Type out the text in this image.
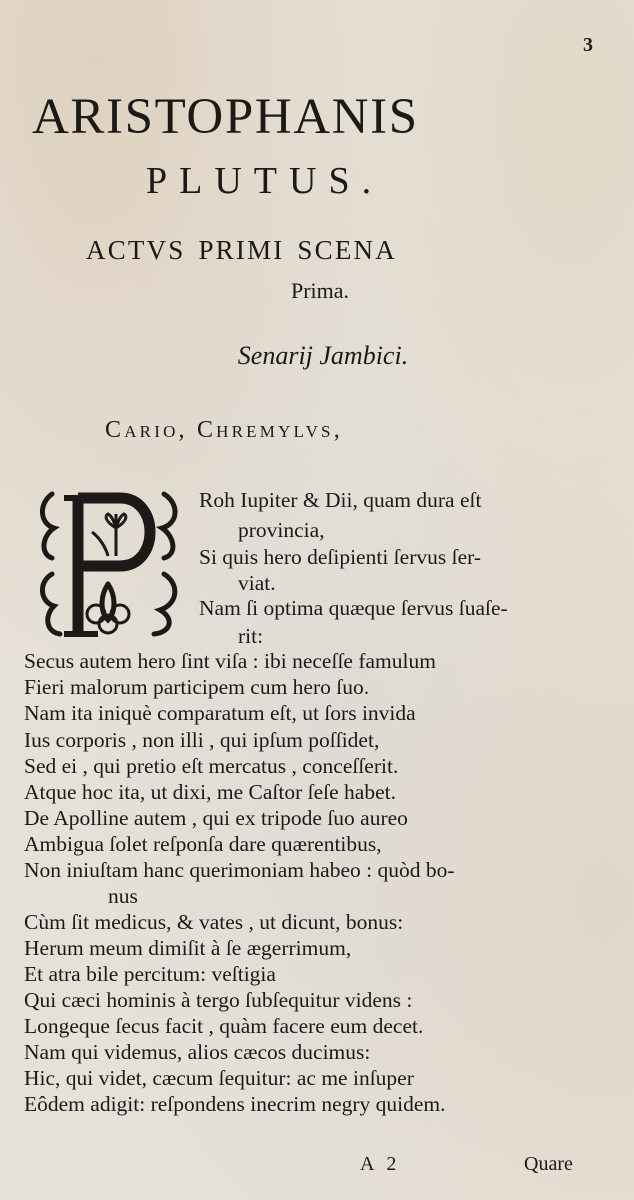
3
ARISTOPHANIS
PLUTUS.
ACTVS PRIMI SCENA
Prima.
Senarij Jambici.
Cario, Chremylvs,
Roh Iupiter & Dii, quam dura eſt
provincia,
Si quis hero deſipienti ſervus ſer-
viat.
Nam ſi optima quæque ſervus ſuaſe-
rit:
Secus autem hero ſint viſa : ibi neceſſe famulum
Fieri malorum participem cum hero ſuo.
Nam ita iniquè comparatum eſt, ut ſors invida
Ius corporis , non illi , qui ipſum poſſidet,
Sed ei , qui pretio eſt mercatus , conceſſerit.
Atque hoc ita, ut dixi, me Caſtor ſeſe habet.
De Apolline autem , qui ex tripode ſuo aureo
Ambigua ſolet reſponſa dare quærentibus,
Non iniuſtam hanc querimoniam habeo : quòd bo-
nus
Cùm ſit medicus, & vates , ut dicunt, bonus:
Herum meum dimiſit à ſe ægerrimum,
Et atra bile percitum: veſtigia
Qui cæci hominis à tergo ſubſequitur videns :
Longeque ſecus facit , quàm facere eum decet.
Nam qui videmus, alios cæcos ducimus:
Hic, qui videt, cæcum ſequitur: ac me inſuper
Eôdem adigit: reſpondens inecrim negry quidem.
A 2	Quare
